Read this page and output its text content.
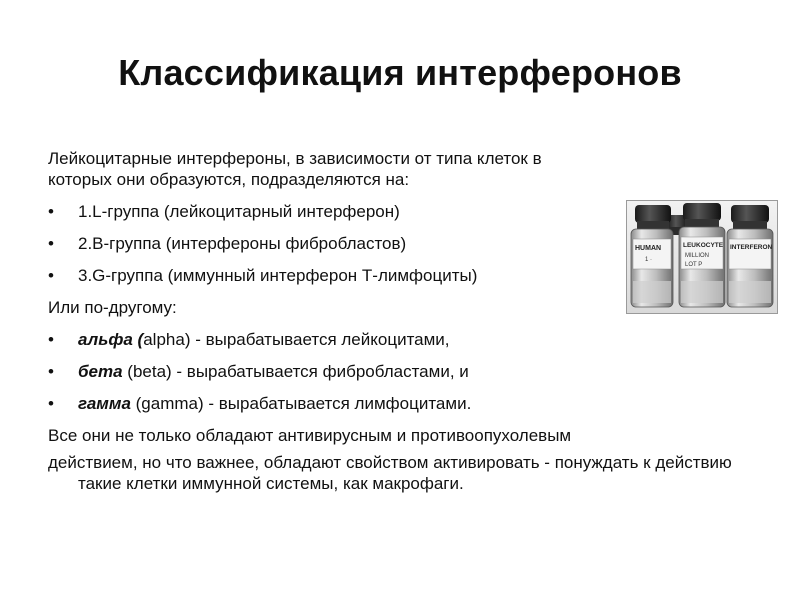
Классификация интерферонов

Лейкоцитарные интерфероны, в зависимости от типа клеток в которых они образуются, подразделяются на:

• 1.L-группа (лейкоцитарный интерферон)
• 2.B-группа (интерфероны фибробластов)
• 3.G-группа (иммунный интерферон Т-лимфоциты)

Или по-другому:

• альфа (alpha) - вырабатывается лейкоцитами,
• бета (beta) - вырабатывается фибробластами, и
• гамма (gamma) - вырабатывается лимфоцитами.

Все они не только обладают антивирусным и противоопухолевым

действием, но что важнее, обладают свойством активировать - понуждать к действию такие клетки иммунной системы, как макрофаги.

HUMAN
1 ·
LEUKOCYTE
MILLION
LOT P
INTERFERON
